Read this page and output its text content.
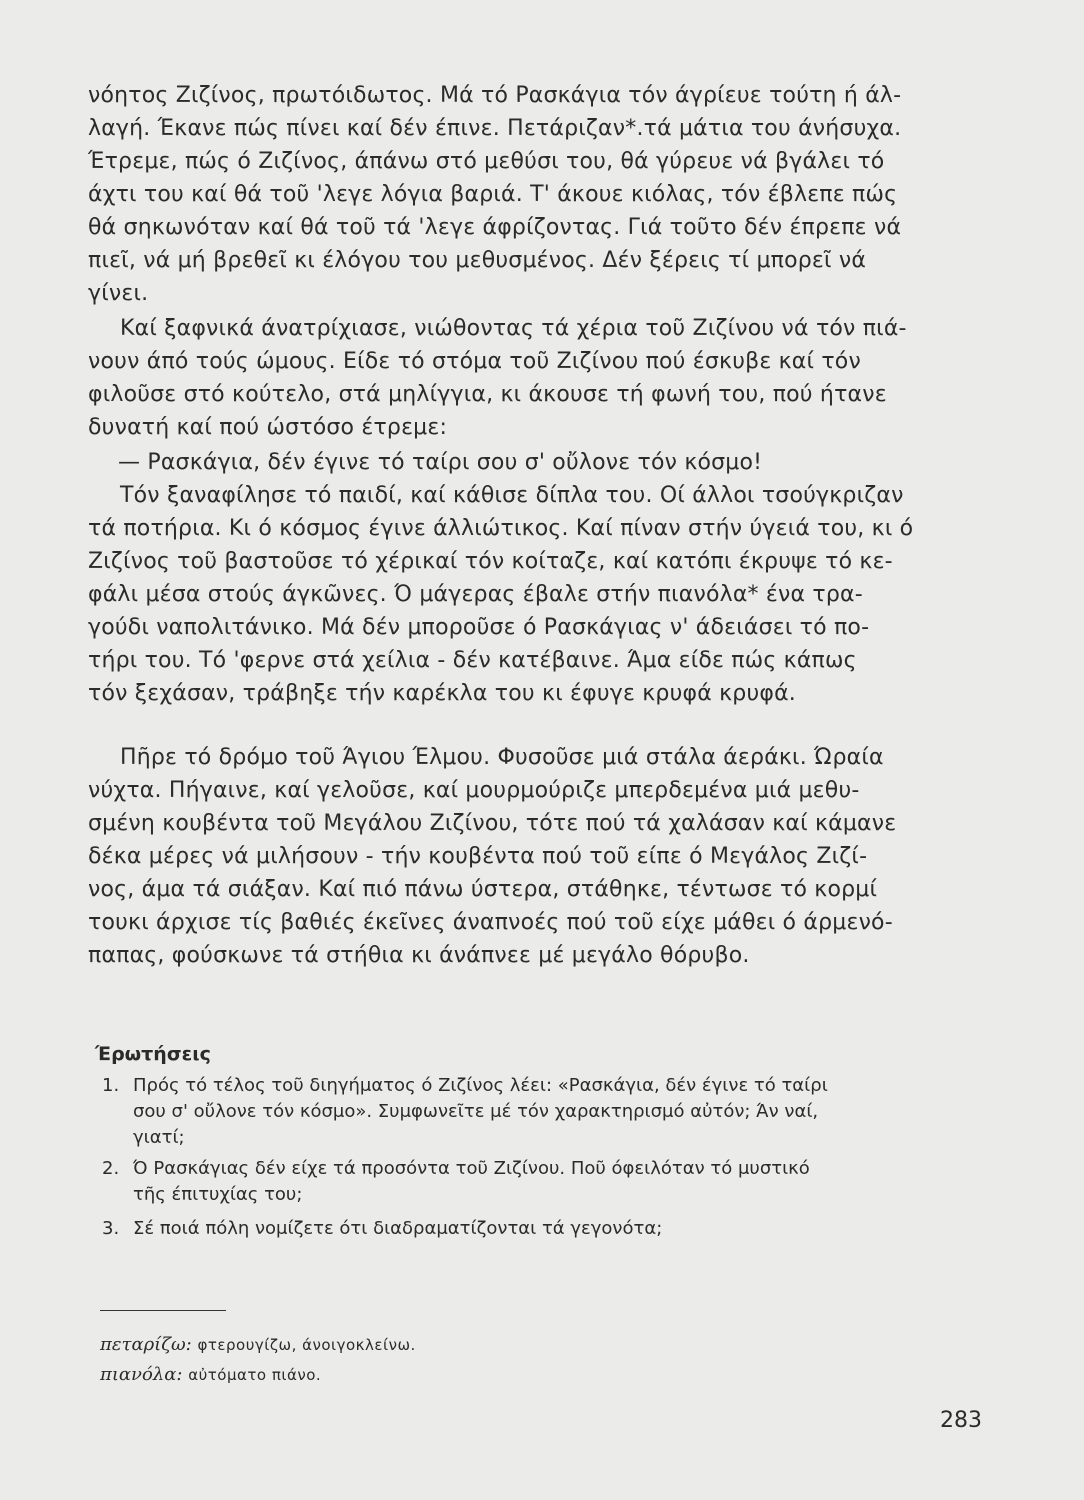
νόητος Ζιζίνος, πρωτόιδωτος. Μά τό Ρασκάγια τόν άγρίευε τούτη ή άλ-
λαγή. Έκανε πώς πίνει καί δέν έπινε. Πετάριζαν*.τά μάτια του άνήσυχα.
Έτρεμε, πώς ό Ζιζίνος, άπάνω στό μεθύσι του, θά γύρευε νά βγάλει τό
άχτι του καί θά τοῦ 'λεγε λόγια βαριά. Τ' άκουε κιόλας, τόν έβλεπε πώς
θά σηκωνόταν καί θά τοῦ τά 'λεγε άφρίζοντας. Γιά τοῦτο δέν έπρεπε νά
πιεῖ, νά μή βρεθεῖ κι έλόγου του μεθυσμένος. Δέν ξέρεις τί μπορεῖ νά
γίνει.
Καί ξαφνικά άνατρίχιασε, νιώθοντας τά χέρια τοῦ Ζιζίνου νά τόν πιά-
νουν άπό τούς ώμους. Είδε τό στόμα τοῦ Ζιζίνου πού έσκυβε καί τόν
φιλοῦσε στό κούτελο, στά μηλίγγια, κι άκουσε τή φωνή του, πού ήτανε
δυνατή καί πού ώστόσο έτρεμε:
— Ρασκάγια, δέν έγινε τό ταίρι σου σ' οὔλονε τόν κόσμο!
Τόν ξαναφίλησε τό παιδί, καί κάθισε δίπλα του. Οί άλλοι τσούγκριζαν
τά ποτήρια. Κι ό κόσμος έγινε άλλιώτικος. Καί πίναν στήν ύγειά του, κι ό
Ζιζίνος τοῦ βαστοῦσε τό χέρικαί τόν κοίταζε, καί κατόπι έκρυψε τό κε-
φάλι μέσα στούς άγκῶνες. Ό μάγερας έβαλε στήν πιανόλα* ένα τρα-
γούδι ναπολιτάνικο. Μά δέν μποροῦσε ό Ρασκάγιας ν' άδειάσει τό πο-
τήρι του. Τό 'φερνε στά χείλια - δέν κατέβαινε. Άμα είδε πώς κάπως
τόν ξεχάσαν, τράβηξε τήν καρέκλα του κι έφυγε κρυφά κρυφά.
Πῆρε τό δρόμο τοῦ Άγιου Έλμου. Φυσοῦσε μιά στάλα άεράκι. Ώραία
νύχτα. Πήγαινε, καί γελοῦσε, καί μουρμούριζε μπερδεμένα μιά μεθυ-
σμένη κουβέντα τοῦ Μεγάλου Ζιζίνου, τότε πού τά χαλάσαν καί κάμανε
δέκα μέρες νά μιλήσουν - τήν κουβέντα πού τοῦ είπε ό Μεγάλος Ζιζί-
νος, άμα τά σιάξαν. Καί πιό πάνω ύστερα, στάθηκε, τέντωσε τό κορμί
τουκι άρχισε τίς βαθιές έκεῖνες άναπνοές πού τοῦ είχε μάθει ό άρμενό-
παπας, φούσκωνε τά στήθια κι άνάπνεε μέ μεγάλο θόρυβο.
Έρωτήσεις
1. Πρός τό τέλος τοῦ διηγήματος ό Ζιζίνος λέει: «Ρασκάγια, δέν έγινε τό ταίρι
σου σ' οὔλονε τόν κόσμο». Συμφωνεῖτε μέ τόν χαρακτηρισμό αὐτόν; Άν ναί,
γιατί;
2. Ό Ρασκάγιας δέν είχε τά προσόντα τοῦ Ζιζίνου. Ποῦ όφειλόταν τό μυστικό
τῆς έπιτυχίας του;
3. Σέ ποιά πόλη νομίζετε ότι διαδραματίζονται τά γεγονότα;
πεταρίζω: φτερουγίζω, άνοιγοκλείνω.
πιανόλα: αὐτόματο πιάνο.
283
